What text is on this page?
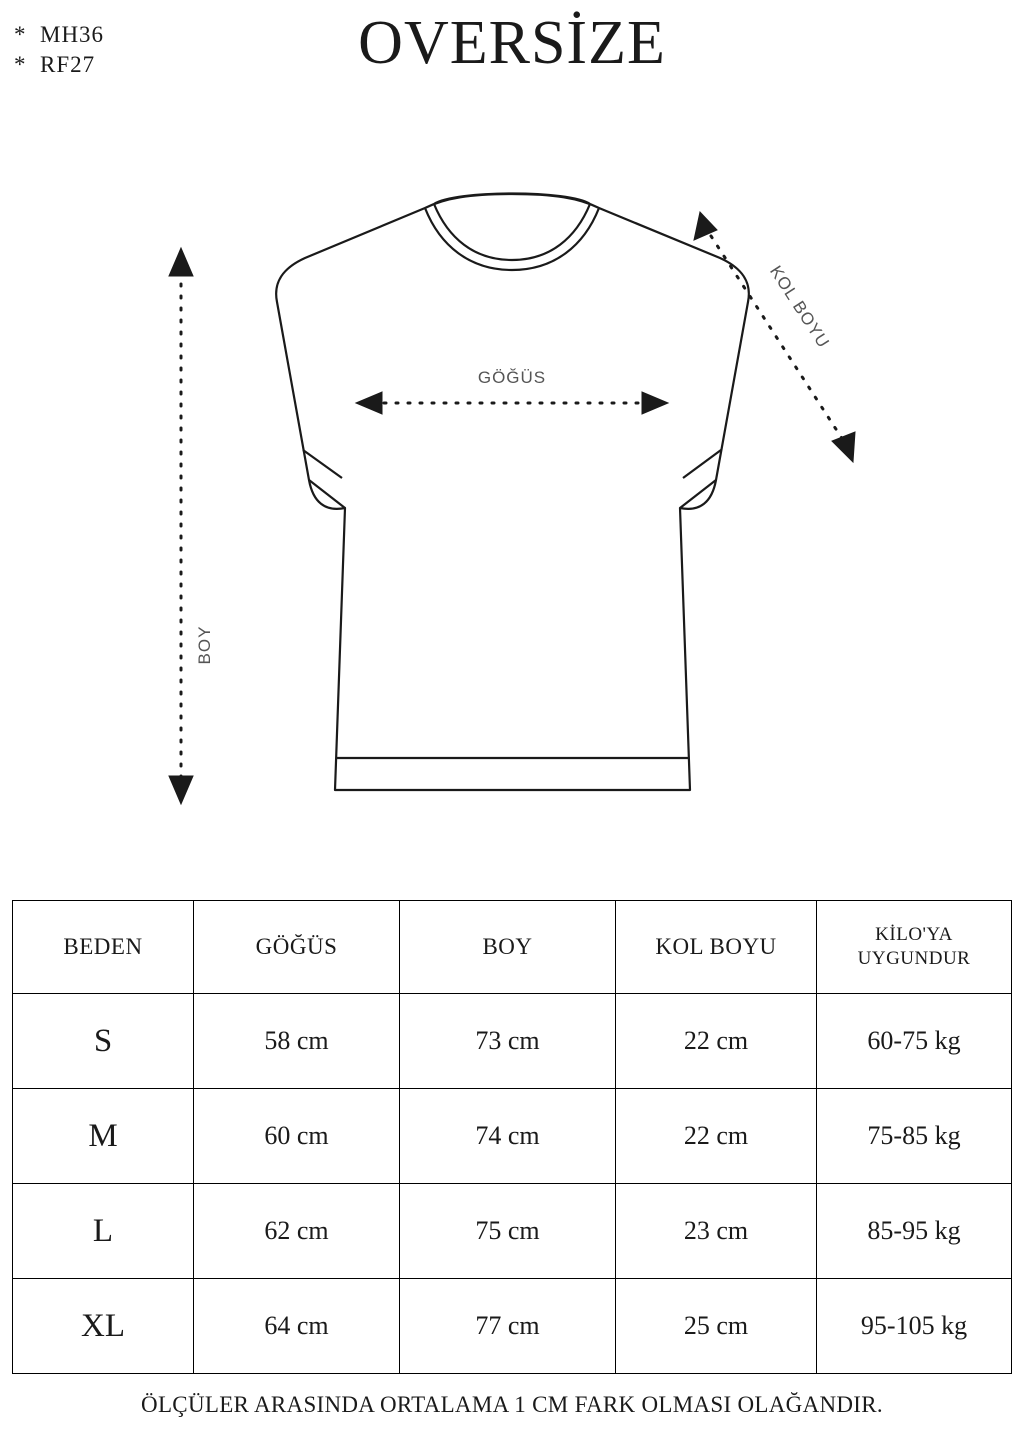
*  MH36
*  RF27	OVERSİZE
GÖĞÜS
BOY
KOL BOYU
BEDEN	GÖĞÜS	BOY	KOL BOYU	KİLO'YA
UYGUNDUR

S	58 cm	73 cm	22 cm	60-75 kg
M	60 cm	74 cm	22 cm	75-85 kg
L	62 cm	75 cm	23 cm	85-95 kg
XL	64 cm	77 cm	25 cm	95-105 kg
ÖLÇÜLER ARASINDA ORTALAMA 1 CM FARK OLMASI OLAĞANDIR.
